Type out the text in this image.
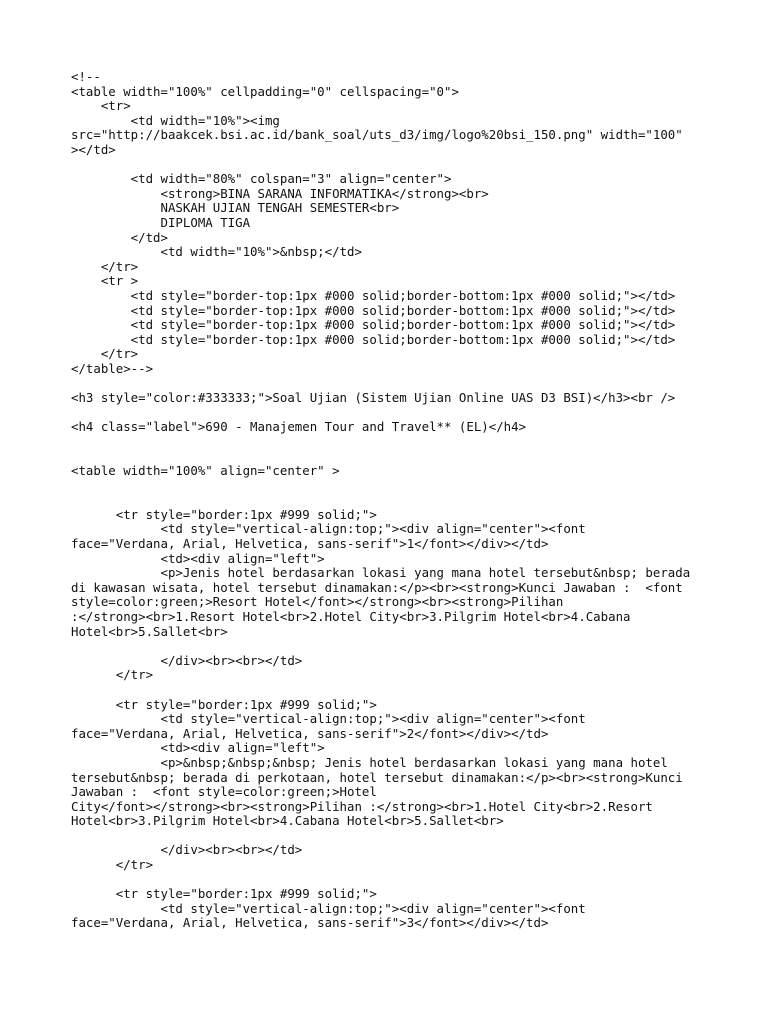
<!--
<table width="100%" cellpadding="0" cellspacing="0">
<tr>
<td width="10%"><img
src="http://baakcek.bsi.ac.id/bank_soal/uts_d3/img/logo%20bsi_150.png" width="100"
></td>
<td width="80%" colspan="3" align="center">
<strong>BINA SARANA INFORMATIKA</strong><br>
NASKAH UJIAN TENGAH SEMESTER<br>
DIPLOMA TIGA
</td>
<td width="10%">&nbsp;</td>
</tr>
<tr >
<td style="border-top:1px #000 solid;border-bottom:1px #000 solid;"></td>
<td style="border-top:1px #000 solid;border-bottom:1px #000 solid;"></td>
<td style="border-top:1px #000 solid;border-bottom:1px #000 solid;"></td>
<td style="border-top:1px #000 solid;border-bottom:1px #000 solid;"></td>
</tr>
</table>-->
<h3 style="color:#333333;">Soal Ujian (Sistem Ujian Online UAS D3 BSI)</h3><br />
<h4 class="label">690 - Manajemen Tour and Travel** (EL)</h4>
<table width="100%" align="center" >
<tr style="border:1px #999 solid;">
<td style="vertical-align:top;"><div align="center"><font
face="Verdana, Arial, Helvetica, sans-serif">1</font></div></td>
<td><div align="left">
<p>Jenis hotel berdasarkan lokasi yang mana hotel tersebut&nbsp; berada
di kawasan wisata, hotel tersebut dinamakan:</p><br><strong>Kunci Jawaban :  <font
style=color:green;>Resort Hotel</font></strong><br><strong>Pilihan
:</strong><br>1.Resort Hotel<br>2.Hotel City<br>3.Pilgrim Hotel<br>4.Cabana
Hotel<br>5.Sallet<br>
</div><br><br></td>
</tr>
<tr style="border:1px #999 solid;">
<td style="vertical-align:top;"><div align="center"><font
face="Verdana, Arial, Helvetica, sans-serif">2</font></div></td>
<td><div align="left">
<p>&nbsp;&nbsp;&nbsp; Jenis hotel berdasarkan lokasi yang mana hotel
tersebut&nbsp; berada di perkotaan, hotel tersebut dinamakan:</p><br><strong>Kunci
Jawaban :  <font style=color:green;>Hotel
City</font></strong><br><strong>Pilihan :</strong><br>1.Hotel City<br>2.Resort
Hotel<br>3.Pilgrim Hotel<br>4.Cabana Hotel<br>5.Sallet<br>
</div><br><br></td>
</tr>
<tr style="border:1px #999 solid;">
<td style="vertical-align:top;"><div align="center"><font
face="Verdana, Arial, Helvetica, sans-serif">3</font></div></td>
